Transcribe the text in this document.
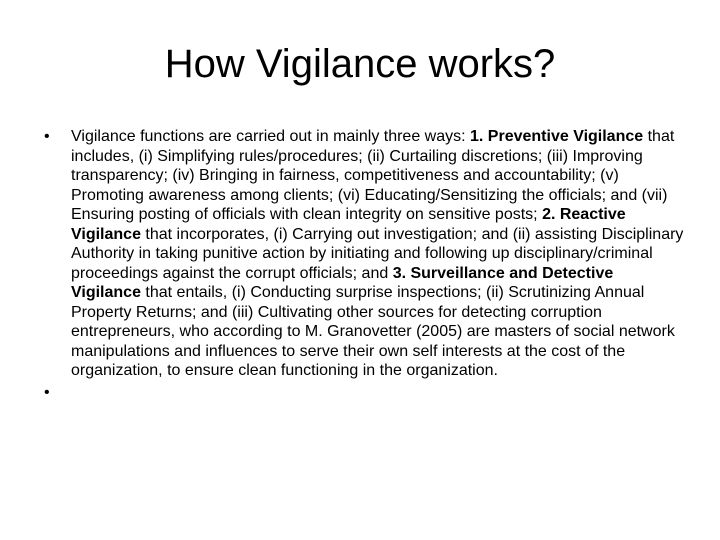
How Vigilance works?
• Vigilance functions are carried out in mainly three ways: 1. Preventive Vigilance that includes, (i) Simplifying rules/procedures; (ii) Curtailing discretions; (iii) Improving transparency; (iv) Bringing in fairness, competitiveness and accountability; (v) Promoting awareness among clients; (vi) Educating/Sensitizing the officials; and (vii) Ensuring posting of officials with clean integrity on sensitive posts; 2. Reactive Vigilance that incorporates, (i) Carrying out investigation; and (ii) assisting Disciplinary Authority in taking punitive action by initiating and following up disciplinary/criminal proceedings against the corrupt officials; and 3. Surveillance and Detective Vigilance that entails, (i) Conducting surprise inspections; (ii) Scrutinizing Annual Property Returns; and (iii) Cultivating other sources for detecting corruption entrepreneurs, who according to M. Granovetter (2005) are masters of social network manipulations and influences to serve their own self interests at the cost of the organization, to ensure clean functioning in the organization.
•
